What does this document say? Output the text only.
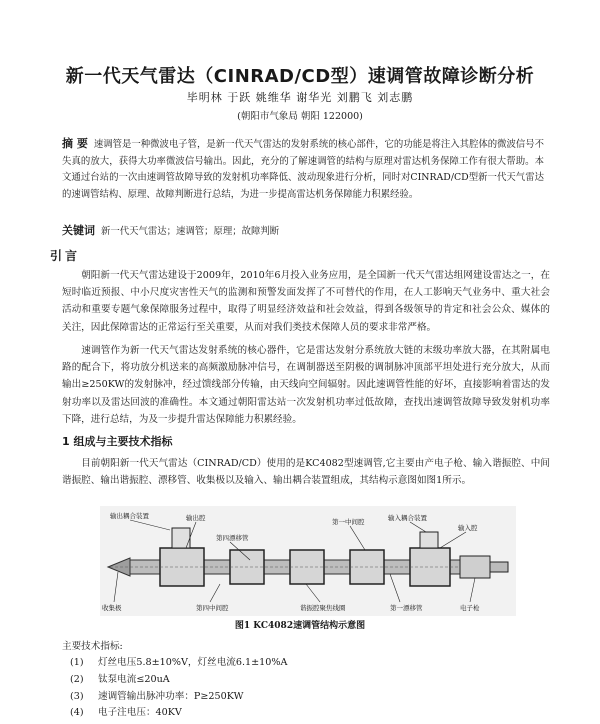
新一代天气雷达（CINRAD/CD型）速调管故障诊断分析
毕明林 于跃 姚维华 谢华光 刘鹏飞 刘志鹏
(朝阳市气象局 朝阳 122000)
摘 要 速调管是一种微波电子管，是新一代天气雷达的发射系统的核心部件，它的功能是将注入其腔体的微波信号不失真的放大，获得大功率微波信号输出。因此，充分的了解速调管的结构与原理对雷达机务保障工作有很大帮助。本文通过台站的一次由速调管故障导致的发射机功率降低、波动现象进行分析，同时对CINRAD/CD型新一代天气雷达的速调管结构、原理、故障判断进行总结，为进一步提高雷达机务保障能力积累经验。
关键词 新一代天气雷达；速调管；原理；故障判断
引言
朝阳新一代天气雷达建设于2009年，2010年6月投入业务应用，是全国新一代天气雷达组网建设雷达之一，在短时临近预报、中小尺度灾害性天气的监测和预警发面发挥了不可替代的作用，在人工影响天气业务中、重大社会活动和重要专题气象保障服务过程中，取得了明显经济效益和社会效益，得到各级领导的肯定和社会公众、媒体的关注，因此保障雷达的正常运行至关重要，从而对我们类技术保障人员的要求非常严格。
速调管作为新一代天气雷达发射系统的核心器件，它是雷达发射分系统放大链的末级功率放大器，在其附属电路的配合下，将功放分机送来的高频激励脉冲信号，在调制器送至阴极的调制脉冲顶部平坦处进行充分放大，从而输出≥250KW的发射脉冲，经过馈线部分传输，由天线向空间辐射。因此速调管性能的好坏，直接影响着雷达的发射功率以及雷达回波的准确性。本文通过朝阳雷达站一次发射机功率过低故障，查找出速调管故障导致发射机功率下降，进行总结，为及一步提升雷达保障能力积累经验。
1 组成与主要技术指标
目前朝阳新一代天气雷达（CINRAD/CD）使用的是KC4082型速调管,它主要由产电子枪、输入谐振腔、中间谐振腔、输出谐振腔、漂移管、收集极以及输入、输出耦合装置组成，其结构示意图如图1所示。
输出耦合装置	输出腔
第四漂移管
第一中间腔	输入耦合装置
输入腔
收集极	第四中间腔	谐振腔聚焦线圈	第一漂移管	电子枪
图1 KC4082速调管结构示意图
主要技术指标:
(1) 灯丝电压5.8±10%V，灯丝电流6.1±10%A
(2) 钛泵电流≤20uA
(3) 速调管输出脉冲功率：P≥250KW
(4) 电子注电压：40KV
